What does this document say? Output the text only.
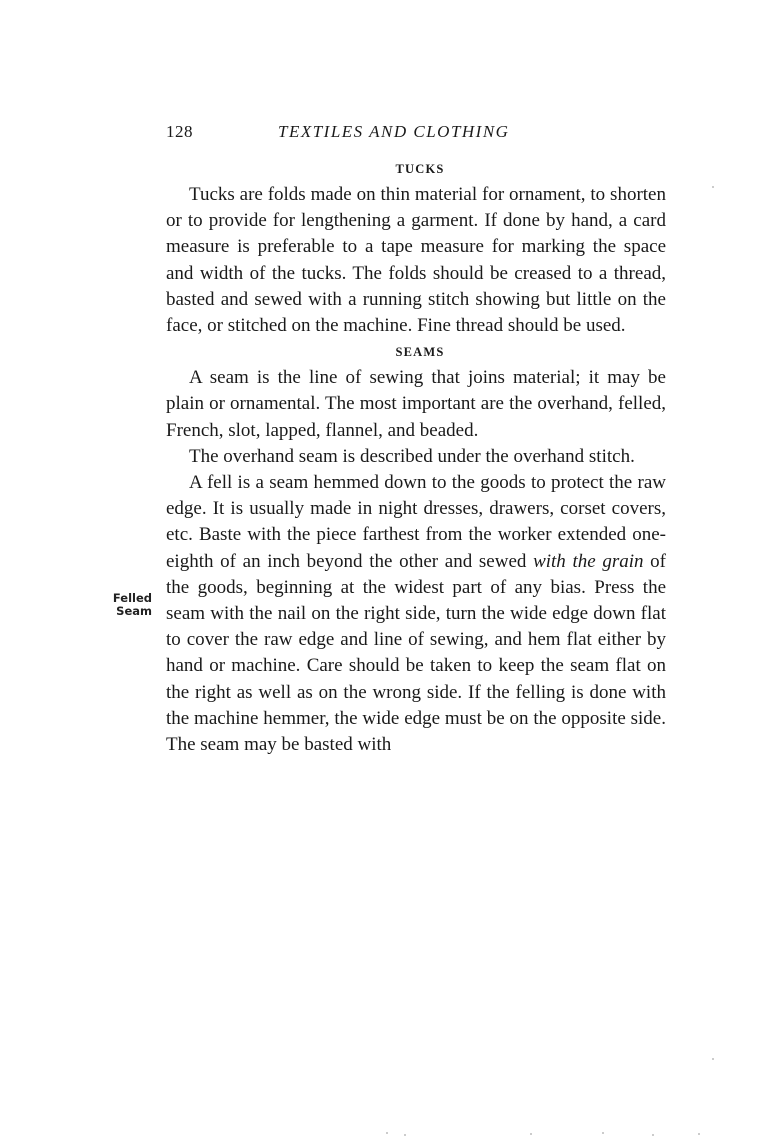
128	TEXTILES AND CLOTHING
TUCKS

Tucks are folds made on thin material for ornament, to shorten or to provide for lengthening a garment. If done by hand, a card measure is preferable to a tape measure for marking the space and width of the tucks. The folds should be creased to a thread, basted and sewed with a running stitch showing but little on the face, or stitched on the machine. Fine thread should be used.

SEAMS

A seam is the line of sewing that joins material; it may be plain or ornamental. The most important are the overhand, felled, French, slot, lapped, flannel, and beaded.

The overhand seam is described under the overhand stitch.

A fell is a seam hemmed down to the goods to protect the raw edge. It is usually made in night dresses, drawers, corset covers, etc. Baste with the piece farthest from the worker extended one-eighth of an inch beyond the other and sewed with the grain of the goods, beginning at the widest part of any bias. Press the seam with the nail on the right side, turn the wide edge down flat to cover the raw edge and line of sewing, and hem flat either by hand or machine. Care should be taken to keep the seam flat on the right as well as on the wrong side. If the felling is done with the machine hemmer, the wide edge must be on the opposite side. The seam may be basted with

Felled
Seam
